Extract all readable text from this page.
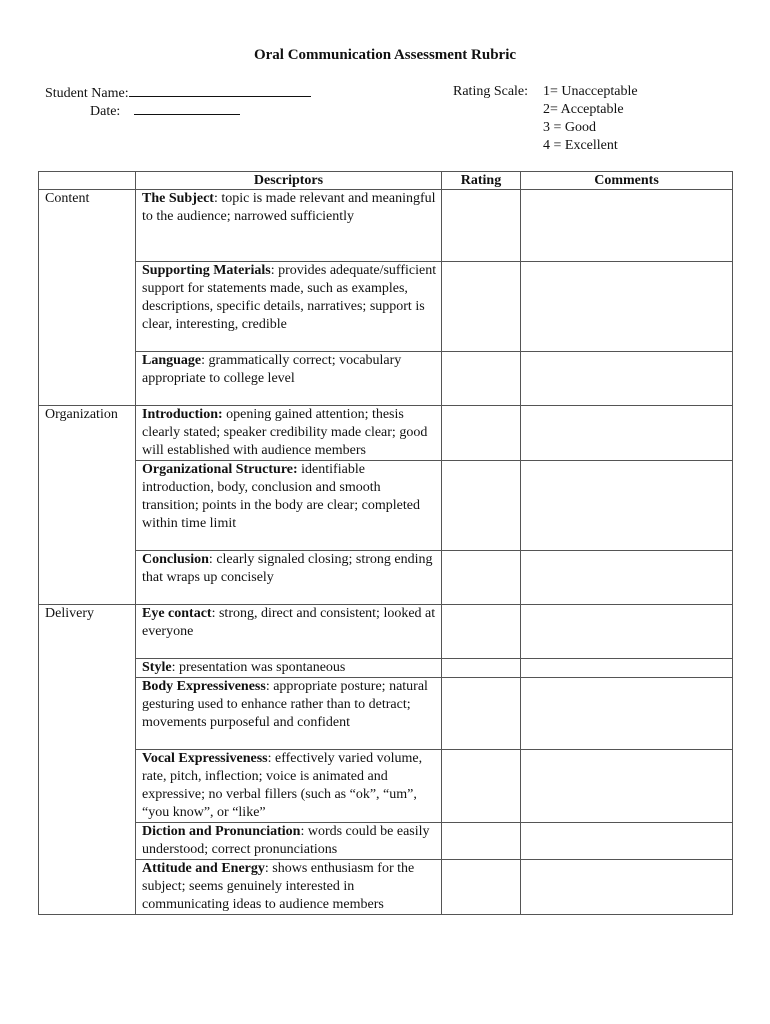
Oral Communication Assessment Rubric
Student Name:
Date:
Rating Scale: 1= Unacceptable
2= Acceptable
3 = Good
4 = Excellent
	Descriptors	Rating	Comments
Content	The Subject: topic is made relevant and meaningful to the audience; narrowed sufficiently		
	Supporting Materials: provides adequate/sufficient support for statements made, such as examples, descriptions, specific details, narratives; support is clear, interesting, credible		
	Language: grammatically correct; vocabulary appropriate to college level		
Organization	Introduction: opening gained attention; thesis clearly stated; speaker credibility made clear; good will established with audience members		
	Organizational Structure: identifiable introduction, body, conclusion and smooth transition; points in the body are clear; completed within time limit		
	Conclusion: clearly signaled closing; strong ending that wraps up concisely		
Delivery	Eye contact: strong, direct and consistent; looked at everyone		
	Style: presentation was spontaneous		
	Body Expressiveness: appropriate posture; natural gesturing used to enhance rather than to detract; movements purposeful and confident		
	Vocal Expressiveness: effectively varied volume, rate, pitch, inflection; voice is animated and expressive; no verbal fillers (such as “ok”, “um”, “you know”, or “like”		
	Diction and Pronunciation: words could be easily understood; correct pronunciations		
	Attitude and Energy: shows enthusiasm for the subject; seems genuinely interested in communicating ideas to audience members		
